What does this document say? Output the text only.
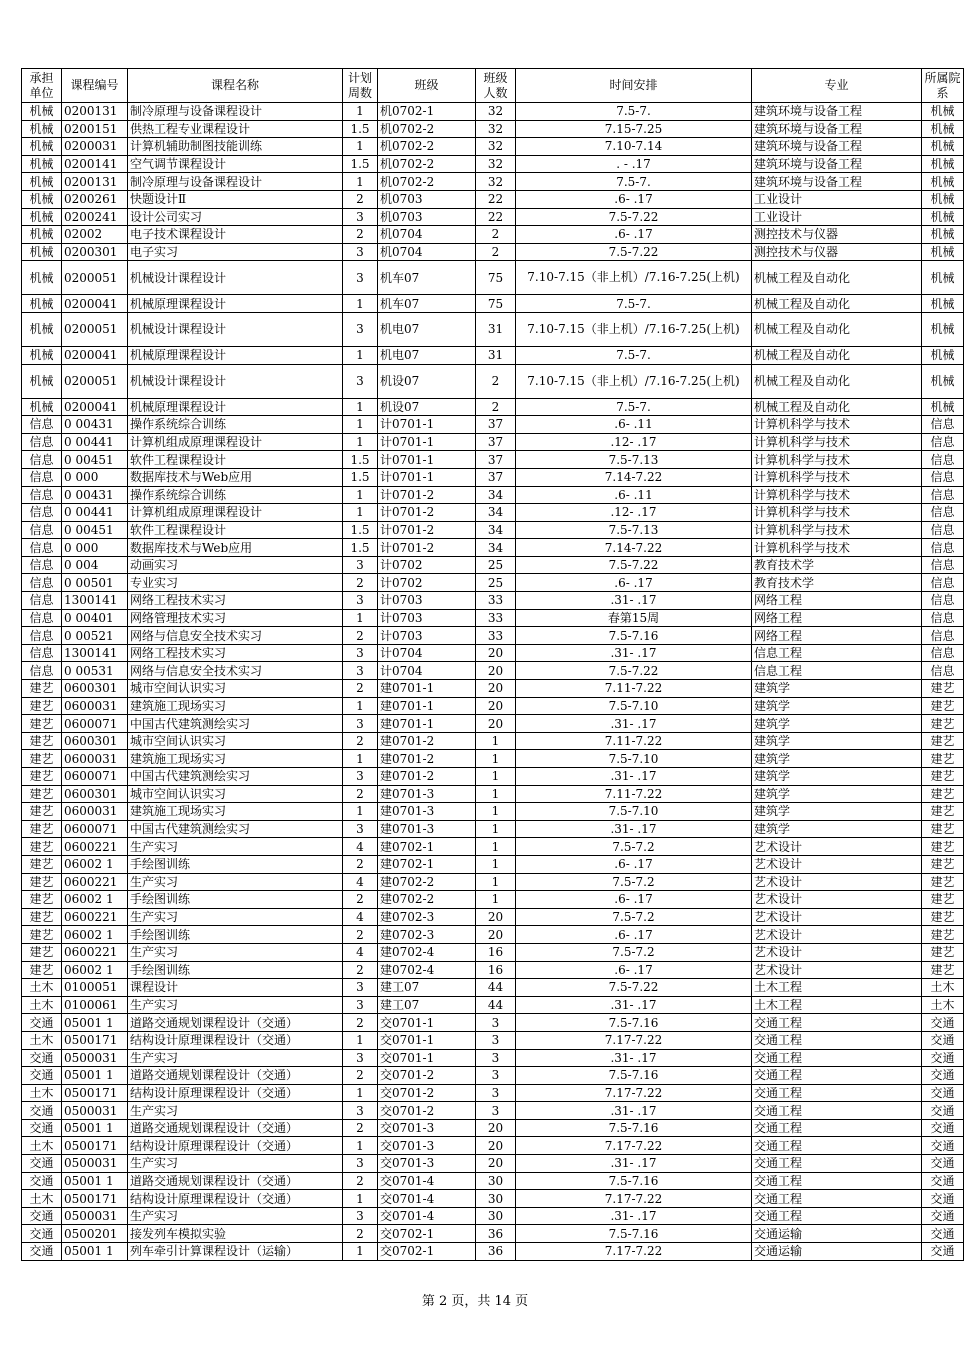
承担单位	课程编号	课程名称	计划周数	班级	班级人数	时间安排	专业	所属院系
机械	0200131	制冷原理与设备课程设计	1	机0702-1	32	7.5-7.	建筑环境与设备工程	机械
机械	0200151	供热工程专业课程设计	1.5	机0702-2	32	7.15-7.25	建筑环境与设备工程	机械
机械	0200031	计算机辅助制图技能训练	1	机0702-2	32	7.10-7.14	建筑环境与设备工程	机械
机械	0200141	空气调节课程设计	1.5	机0702-2	32	. - .17	建筑环境与设备工程	机械
机械	0200131	制冷原理与设备课程设计	1	机0702-2	32	7.5-7.	建筑环境与设备工程	机械
机械	0200261	快题设计Ⅱ	2	机0703	22	.6- .17	工业设计	机械
机械	0200241	设计公司实习	3	机0703	22	7.5-7.22	工业设计	机械
机械	02002	电子技术课程设计	2	机0704	2	.6- .17	测控技术与仪器	机械
机械	0200301	电子实习	3	机0704	2	7.5-7.22	测控技术与仪器	机械
机械	0200051	机械设计课程设计	3	机车07	75	7.10-7.15（非上机）/7.16-7.25(上机)	机械工程及自动化	机械
机械	0200041	机械原理课程设计	1	机车07	75	7.5-7.	机械工程及自动化	机械
机械	0200051	机械设计课程设计	3	机电07	31	7.10-7.15（非上机）/7.16-7.25(上机)	机械工程及自动化	机械
机械	0200041	机械原理课程设计	1	机电07	31	7.5-7.	机械工程及自动化	机械
机械	0200051	机械设计课程设计	3	机设07	2	7.10-7.15（非上机）/7.16-7.25(上机)	机械工程及自动化	机械
机械	0200041	机械原理课程设计	1	机设07	2	7.5-7.	机械工程及自动化	机械
信息	0 00431	操作系统综合训练	1	计0701-1	37	.6- .11	计算机科学与技术	信息
信息	0 00441	计算机组成原理课程设计	1	计0701-1	37	.12- .17	计算机科学与技术	信息
信息	0 00451	软件工程课程设计	1.5	计0701-1	37	7.5-7.13	计算机科学与技术	信息
信息	0 000	数据库技术与Web应用	1.5	计0701-1	37	7.14-7.22	计算机科学与技术	信息
信息	0 00431	操作系统综合训练	1	计0701-2	34	.6- .11	计算机科学与技术	信息
信息	0 00441	计算机组成原理课程设计	1	计0701-2	34	.12- .17	计算机科学与技术	信息
信息	0 00451	软件工程课程设计	1.5	计0701-2	34	7.5-7.13	计算机科学与技术	信息
信息	0 000	数据库技术与Web应用	1.5	计0701-2	34	7.14-7.22	计算机科学与技术	信息
信息	0 004	动画实习	3	计0702	25	7.5-7.22	教育技术学	信息
信息	0 00501	专业实习	2	计0702	25	.6- .17	教育技术学	信息
信息	1300141	网络工程技术实习	3	计0703	33	.31- .17	网络工程	信息
信息	0 00401	网络管理技术实习	1	计0703	33	春第15周	网络工程	信息
信息	0 00521	网络与信息安全技术实习	2	计0703	33	7.5-7.16	网络工程	信息
信息	1300141	网络工程技术实习	3	计0704	20	.31- .17	信息工程	信息
信息	0 00531	网络与信息安全技术实习	3	计0704	20	7.5-7.22	信息工程	信息
建艺	0600301	城市空间认识实习	2	建0701-1	20	7.11-7.22	建筑学	建艺
建艺	0600031	建筑施工现场实习	1	建0701-1	20	7.5-7.10	建筑学	建艺
建艺	0600071	中国古代建筑测绘实习	3	建0701-1	20	.31- .17	建筑学	建艺
建艺	0600301	城市空间认识实习	2	建0701-2	1	7.11-7.22	建筑学	建艺
建艺	0600031	建筑施工现场实习	1	建0701-2	1	7.5-7.10	建筑学	建艺
建艺	0600071	中国古代建筑测绘实习	3	建0701-2	1	.31- .17	建筑学	建艺
建艺	0600301	城市空间认识实习	2	建0701-3	1	7.11-7.22	建筑学	建艺
建艺	0600031	建筑施工现场实习	1	建0701-3	1	7.5-7.10	建筑学	建艺
建艺	0600071	中国古代建筑测绘实习	3	建0701-3	1	.31- .17	建筑学	建艺
建艺	0600221	生产实习	4	建0702-1	1	7.5-7.2	艺术设计	建艺
建艺	06002 1	手绘图训练	2	建0702-1	1	.6- .17	艺术设计	建艺
建艺	0600221	生产实习	4	建0702-2	1	7.5-7.2	艺术设计	建艺
建艺	06002 1	手绘图训练	2	建0702-2	1	.6- .17	艺术设计	建艺
建艺	0600221	生产实习	4	建0702-3	20	7.5-7.2	艺术设计	建艺
建艺	06002 1	手绘图训练	2	建0702-3	20	.6- .17	艺术设计	建艺
建艺	0600221	生产实习	4	建0702-4	16	7.5-7.2	艺术设计	建艺
建艺	06002 1	手绘图训练	2	建0702-4	16	.6- .17	艺术设计	建艺
土木	0100051	课程设计	3	建工07	44	7.5-7.22	土木工程	土木
土木	0100061	生产实习	3	建工07	44	.31- .17	土木工程	土木
交通	05001 1	道路交通规划课程设计（交通）	2	交0701-1	3	7.5-7.16	交通工程	交通
土木	0500171	结构设计原理课程设计（交通）	1	交0701-1	3	7.17-7.22	交通工程	交通
交通	0500031	生产实习	3	交0701-1	3	.31- .17	交通工程	交通
交通	05001 1	道路交通规划课程设计（交通）	2	交0701-2	3	7.5-7.16	交通工程	交通
土木	0500171	结构设计原理课程设计（交通）	1	交0701-2	3	7.17-7.22	交通工程	交通
交通	0500031	生产实习	3	交0701-2	3	.31- .17	交通工程	交通
交通	05001 1	道路交通规划课程设计（交通）	2	交0701-3	20	7.5-7.16	交通工程	交通
土木	0500171	结构设计原理课程设计（交通）	1	交0701-3	20	7.17-7.22	交通工程	交通
交通	0500031	生产实习	3	交0701-3	20	.31- .17	交通工程	交通
交通	05001 1	道路交通规划课程设计（交通）	2	交0701-4	30	7.5-7.16	交通工程	交通
土木	0500171	结构设计原理课程设计（交通）	1	交0701-4	30	7.17-7.22	交通工程	交通
交通	0500031	生产实习	3	交0701-4	30	.31- .17	交通工程	交通
交通	0500201	接发列车模拟实验	2	交0702-1	36	7.5-7.16	交通运输	交通
交通	05001 1	列车牵引计算课程设计（运输）	1	交0702-1	36	7.17-7.22	交通运输	交通
第 2 页，共 14 页
